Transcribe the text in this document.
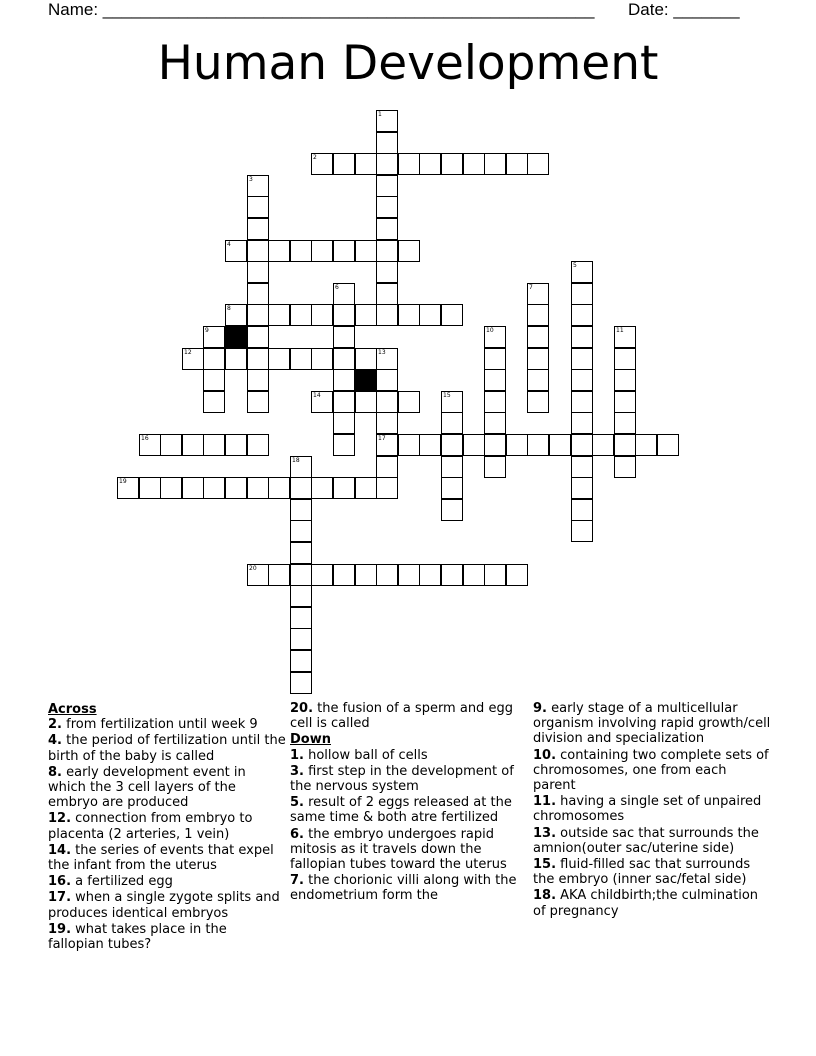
Name: ____________________________________________________ Date: _______
Human Development
1
2
3
4
5
6	7
8
9	10	11
12	13
17
14	15
16
18
19
20
Across
2. from fertilization until week 9
4. the period of fertilization until the birth of the baby is called
8. early development event in which the 3 cell layers of the embryo are produced
12. connection from embryo to placenta (2 arteries, 1 vein)
14. the series of events that expel the infant from the uterus
16. a fertilized egg
17. when a single zygote splits and produces identical embryos
19. what takes place in the fallopian tubes?
20. the fusion of a sperm and egg cell is called
Down
1. hollow ball of cells
3. first step in the development of the nervous system
5. result of 2 eggs released at the same time & both atre fertilized
6. the embryo undergoes rapid mitosis as it travels down the fallopian tubes toward the uterus
7. the chorionic villi along with the endometrium form the
9. early stage of a multicellular organism involving rapid growth/cell division and specialization
10. containing two complete sets of chromosomes, one from each parent
11. having a single set of unpaired chromosomes
13. outside sac that surrounds the amnion(outer sac/uterine side)
15. fluid-filled sac that surrounds the embryo (inner sac/fetal side)
18. AKA childbirth;the culmination of pregnancy
